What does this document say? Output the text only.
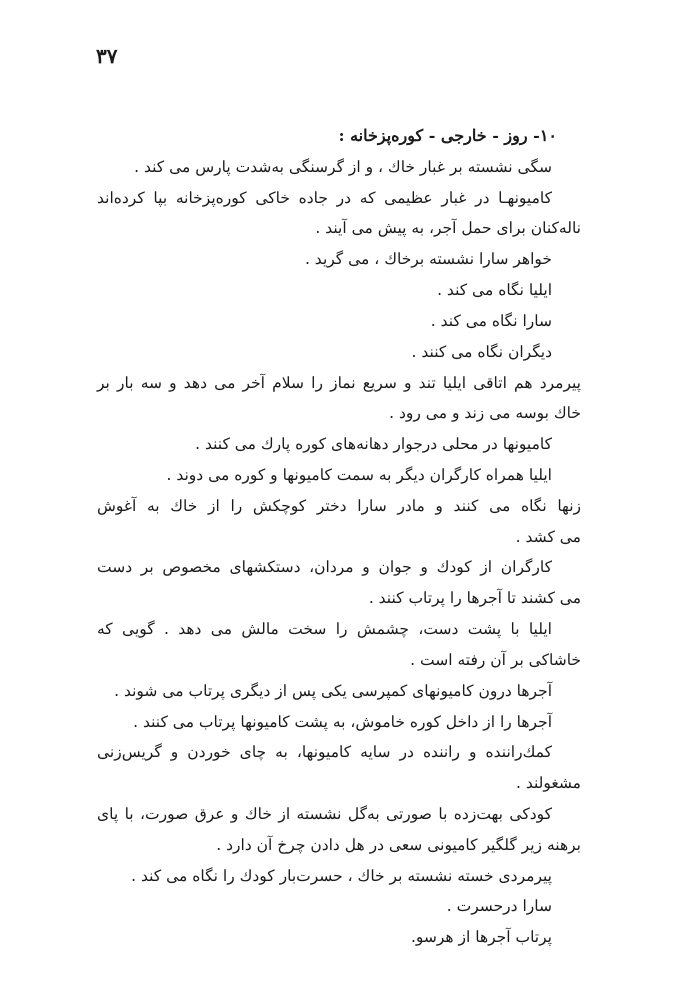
۳۷
۱۰- روز - خارجی - کوره‌پزخانه :
سگی نشسته بر غبار خاك ، و از گرسنگی به‌شدت پارس می کند .
کامیونهـا در غبار عظیمی که در جاده خاکی کوره‌پزخانه بپا کرده‌اند
ناله‌کنان برای حمل آجر، به پیش می آیند .
خواهر سارا نشسته برخاك ، می گرید .
ایلیا نگاه می کند .
سارا نگاه می کند .
دیگران نگاه می کنند .
پیرمرد هم اتاقی ایلیا تند و سریع نماز را سلام آخر می دهد و سه بار بر
خاك بوسه می زند و می رود .
کامیونها در محلی درجوار دهانه‌های کوره پارك می کنند .
ایلیا همراه کارگران دیگر به سمت کامیونها و کوره می دوند .
زنها نگاه می کنند و مادر سارا دختر کوچکش را از خاك به آغوش
می کشد .
کارگران از کودك و جوان و مردان، دستکشهای مخصوص بر دست
می کشند تا آجرها را پرتاب کنند .
ایلیا با پشت دست، چشمش را سخت مالش می دهد . گویی که
خاشاکی بر آن رفته است .
آجرها درون کامیونهای کمپرسی یکی پس از دیگری پرتاب می شوند .
آجرها را از داخل کوره خاموش، به پشت کامیونها پرتاب می کنند .
کمك‌راننده و راننده در سایه کامیونها، به چای خوردن و گریس‌زنی
مشغولند .
کودکی بهت‌زده با صورتی به‌گل نشسته از خاك و عرق صورت، با پای
برهنه زیر گلگیر کامیونی سعی در هل دادن چرخ آن دارد .
پیرمردی خسته نشسته بر خاك ، حسرت‌بار کودك را نگاه می کند .
سارا درحسرت .
پرتاب آجرها از هرسو.
